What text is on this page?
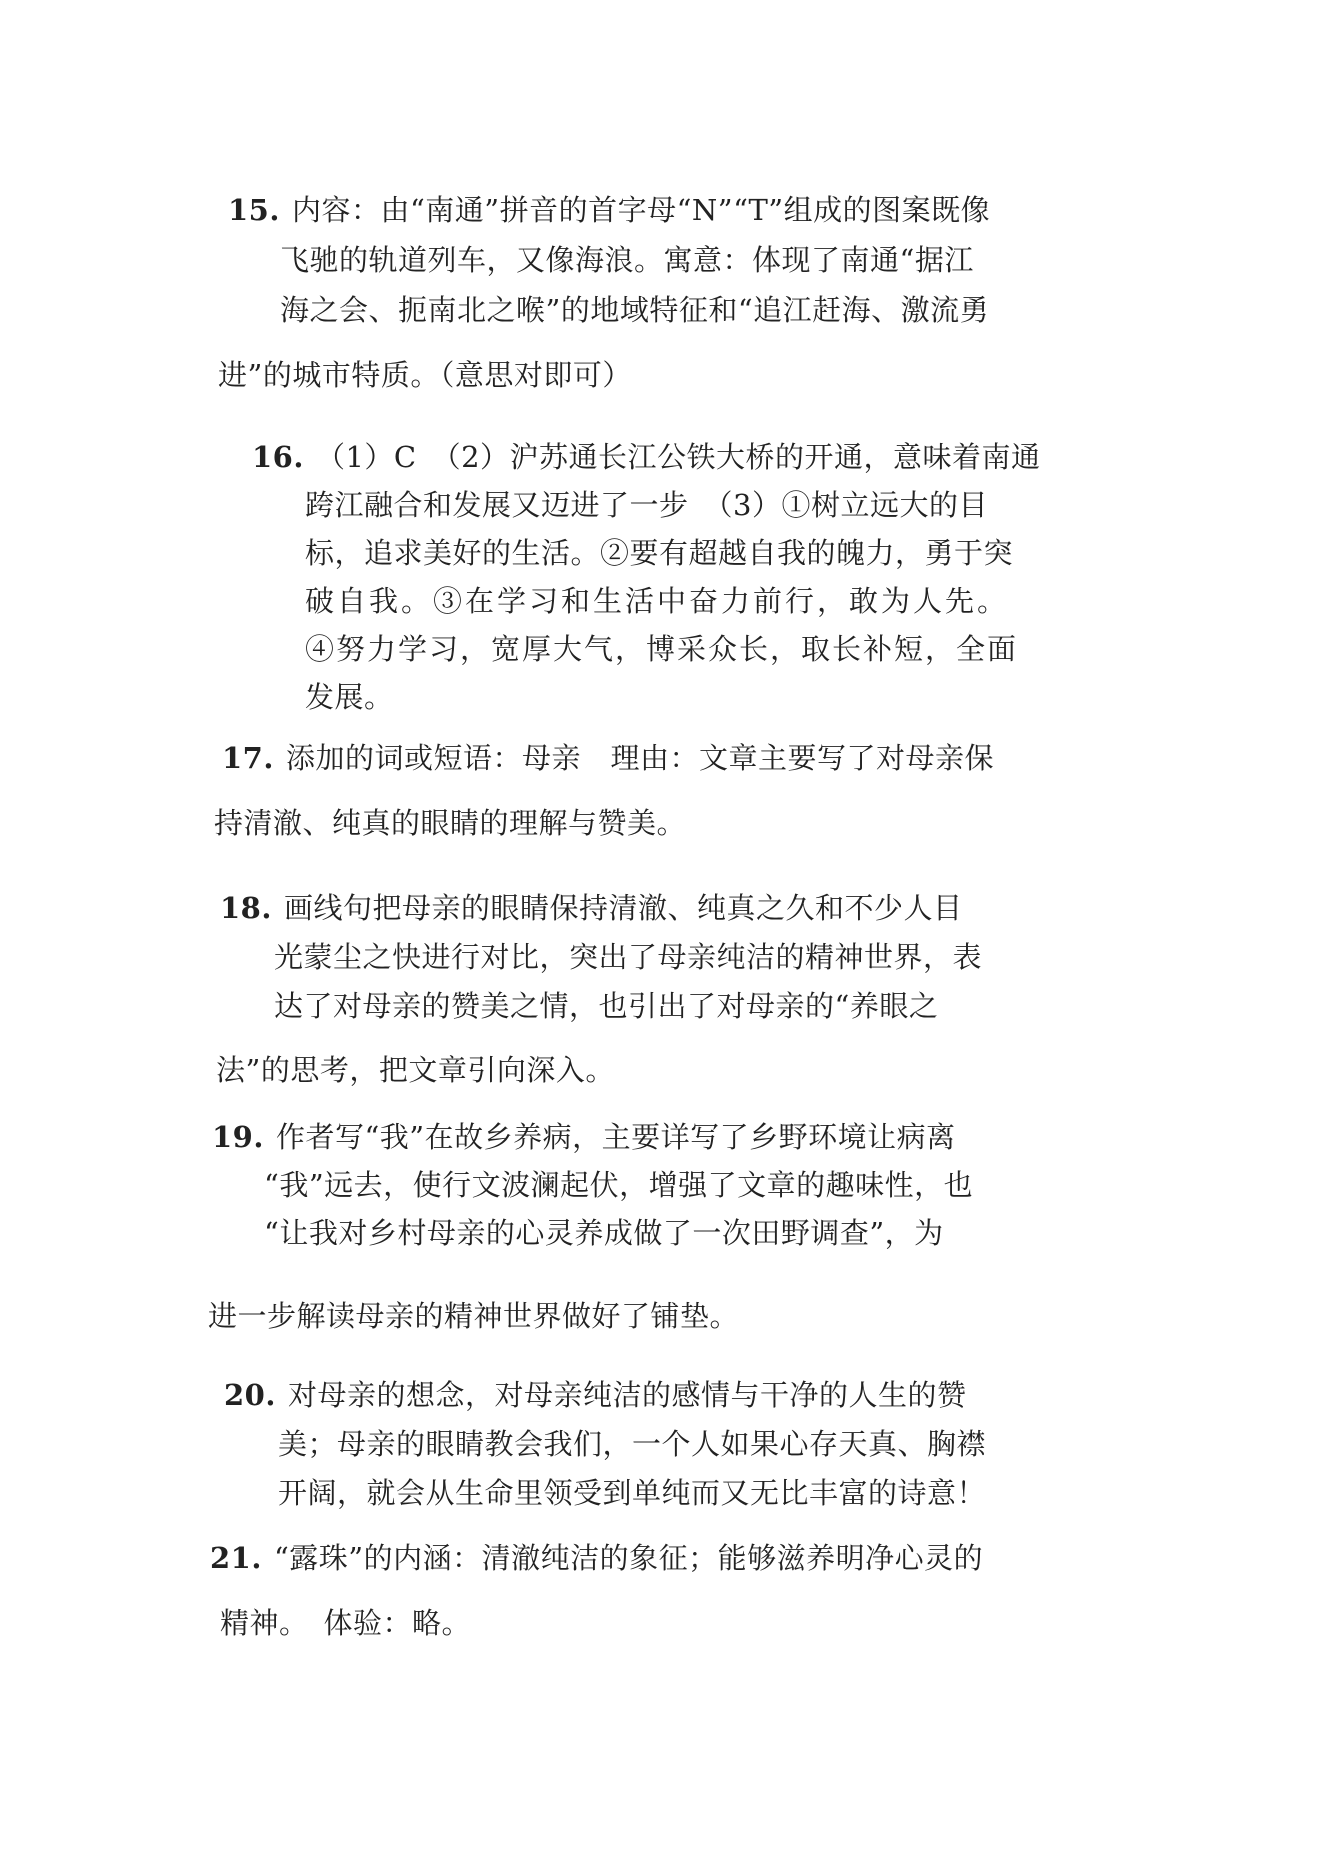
15. 内容：由“南通”拼音的首字母“N”“T”组成的图案既像
飞驰的轨道列车，又像海浪。寓意：体现了南通“据江
海之会、扼南北之喉”的地域特征和“追江赶海、激流勇
进”的城市特质。（意思对即可）
16. （1）C　（2）沪苏通长江公铁大桥的开通，意味着南通
跨江融合和发展又迈进了一步　（3）①树立远大的目
标，追求美好的生活。②要有超越自我的魄力，勇于突
破自我。③在学习和生活中奋力前行，敢为人先。
④努力学习，宽厚大气，博采众长，取长补短，全面
发展。
17. 添加的词或短语：母亲　理由：文章主要写了对母亲保
持清澈、纯真的眼睛的理解与赞美。
18. 画线句把母亲的眼睛保持清澈、纯真之久和不少人目
光蒙尘之快进行对比，突出了母亲纯洁的精神世界，表
达了对母亲的赞美之情，也引出了对母亲的“养眼之
法”的思考，把文章引向深入。
19. 作者写“我”在故乡养病，主要详写了乡野环境让病离
“我”远去，使行文波澜起伏，增强了文章的趣味性，也
“让我对乡村母亲的心灵养成做了一次田野调查”，为
进一步解读母亲的精神世界做好了铺垫。
20. 对母亲的想念，对母亲纯洁的感情与干净的人生的赞
美；母亲的眼睛教会我们，一个人如果心存天真、胸襟
开阔，就会从生命里领受到单纯而又无比丰富的诗意！
21. “露珠”的内涵：清澈纯洁的象征；能够滋养明净心灵的
精神。　体验：略。
